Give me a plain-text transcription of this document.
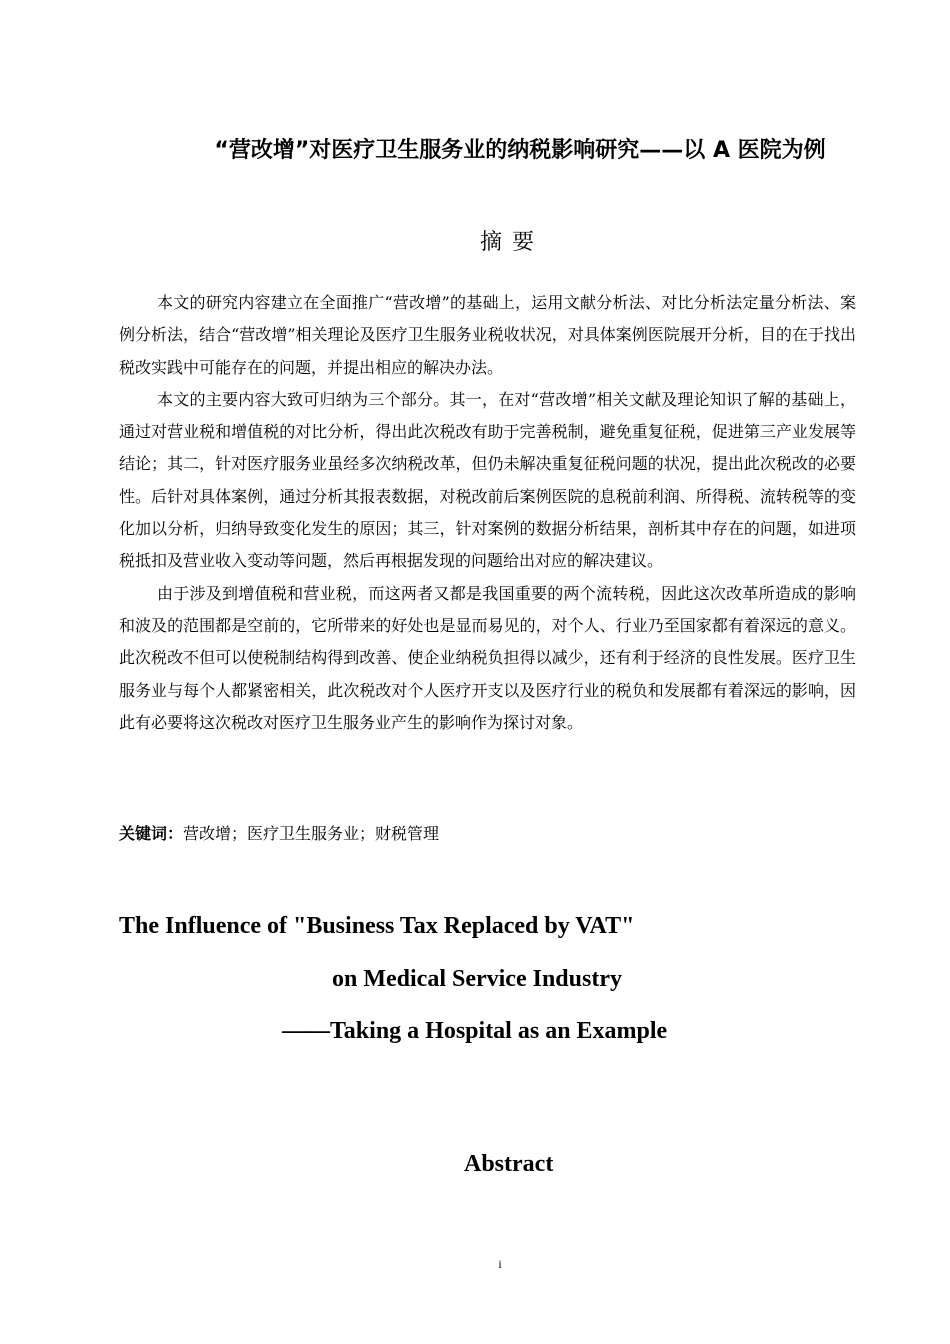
“营改增”对医疗卫生服务业的纳税影响研究——以 A 医院为例
摘要

本文的研究内容建立在全面推广“营改增”的基础上，运用文献分析法、对比分析法定量分析法、案例分析法，结合“营改增”相关理论及医疗卫生服务业税收状况，对具体案例医院展开分析，目的在于找出税改实践中可能存在的问题，并提出相应的解决办法。

本文的主要内容大致可归纳为三个部分。其一，在对“营改增”相关文献及理论知识了解的基础上，通过对营业税和增值税的对比分析，得出此次税改有助于完善税制，避免重复征税，促进第三产业发展等结论；其二，针对医疗服务业虽经多次纳税改革，但仍未解决重复征税问题的状况，提出此次税改的必要性。后针对具体案例，通过分析其报表数据，对税改前后案例医院的息税前利润、所得税、流转税等的变化加以分析，归纳导致变化发生的原因；其三，针对案例的数据分析结果，剖析其中存在的问题，如进项税抵扣及营业收入变动等问题，然后再根据发现的问题给出对应的解决建议。

由于涉及到增值税和营业税，而这两者又都是我国重要的两个流转税，因此这次改革所造成的影响和波及的范围都是空前的，它所带来的好处也是显而易见的，对个人、行业乃至国家都有着深远的意义。此次税改不但可以使税制结构得到改善、使企业纳税负担得以减少，还有利于经济的良性发展。医疗卫生服务业与每个人都紧密相关，此次税改对个人医疗开支以及医疗行业的税负和发展都有着深远的影响，因此有必要将这次税改对医疗卫生服务业产生的影响作为探讨对象。

关键词：营改增；医疗卫生服务业；财税管理
The Influence of "Business Tax Replaced by VAT"
on Medical Service Industry
——Taking a Hospital as an Example
Abstract
i
